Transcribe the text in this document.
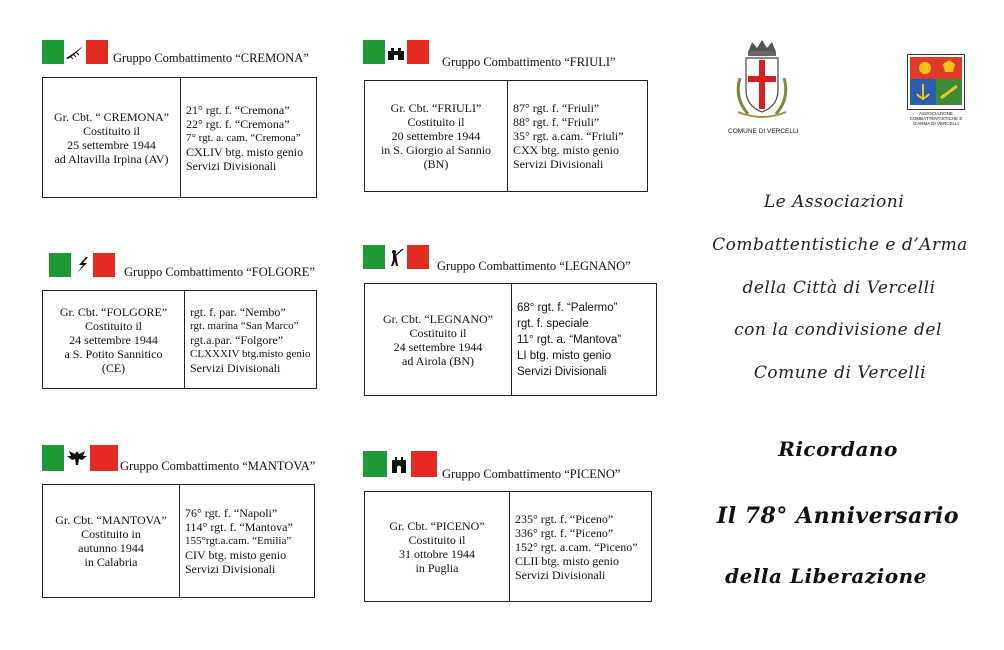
Gruppo Combattimento “CREMONA”
Gr. Cbt. “ CREMONA”
Costituito il
25 settembre 1944
ad Altavilla Irpina (AV)
21° rgt. f. “Cremona”
22° rgt. f. “Cremona”
7° rgt. a. cam. “Cremona”
CXLIV btg. misto genio
Servizi Divisionali
Gruppo Combattimento “FRIULI”
Gr. Cbt. “FRIULI”
Costituito il
20 settembre 1944
in S. Giorgio al Sannio
(BN)
87° rgt. f. “Friuli”
88° rgt. f. “Friuli”
35° rgt. a.cam. “Friuli”
CXX btg. misto genio
Servizi Divisionali
Gruppo Combattimento “FOLGORE”
Gr. Cbt. “FOLGORE”
Costituito il
24 settembre 1944
a S. Potito Sannitico
(CE)
rgt. f. par. “Nembo”
rgt. marina “San Marco”
rgt.a.par. “Folgore”
CLXXXIV btg.misto genio
Servizi Divisionali
Gruppo Combattimento “LEGNANO”
Gr. Cbt. “LEGNANO”
Costituito il
24 settembre 1944
ad Airola (BN)
68° rgt. f. “Palermo”
rgt. f. speciale
11° rgt. a. “Mantova”
LI btg. misto genio
Servizi Divisionali
Gruppo Combattimento “MANTOVA”
Gr. Cbt. “MANTOVA”
Costituito in
autunno 1944
in Calabria
76° rgt. f. “Napoli”
114° rgt. f. “Mantova”
155°rgt.a.cam. “Emilia”
CIV btg. misto genio
Servizi Divisionali
Gruppo Combattimento “PICENO”
Gr. Cbt. “PICENO”
Costituito il
31 ottobre 1944
in Puglia
235° rgt. f. “Piceno”
336° rgt. f. “Piceno”
152° rgt. a.cam. “Piceno”
CLII btg. misto genio
Servizi Divisionali
COMUNE DI VERCELLI
ASSOCIAZIONE COMBATTENTISTICHE E D'ARMA DI VERCELLI
Le Associazioni
Combattentistiche e d’Arma
della Città di Vercelli
con la condivisione del
Comune di Vercelli
Ricordano
Il 78° Anniversario
della Liberazione
